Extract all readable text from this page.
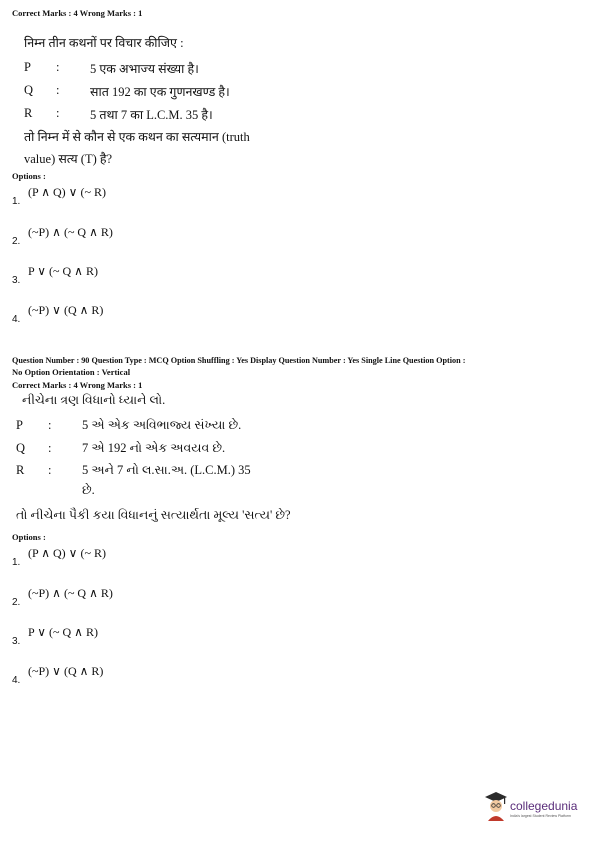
Correct Marks : 4 Wrong Marks : 1
निम्न तीन कथनों पर विचार कीजिए :
P	: 5 एक अभाज्य संख्या है।
Q	: सात 192 का एक गुणनखण्ड है।
R	: 5 तथा 7 का L.C.M. 35 है।
तो निम्न में से कौन से एक कथन का सत्यमान (truth
value) सत्य (T) है?
Options :
1.
(P ∧ Q) ∨ (~ R)
2.
(~P) ∧ (~ Q ∧ R)
3.
P ∨ (~ Q ∧ R)
4.
(~P) ∨ (Q ∧ R)
Question Number : 90 Question Type : MCQ Option Shuffling : Yes Display Question Number : Yes Single Line Question Option :
No Option Orientation : Vertical
Correct Marks : 4 Wrong Marks : 1
નીચેના ત્રણ વિધાનો ધ્યાને લો.
P	: 5 એ એક અવિભાજ્ય સંખ્યા છે.
Q	: 7 એ 192 નો એક અવયવ છે.
R	: 5 અને 7 નો લ.સા.અ. (L.C.M.) 35
છે.
તો નીચેના પૈકી કયા વિધાનનું સત્યાર્થતા મૂલ્ય 'સત્ય' છે?
Options :
1.
(P ∧ Q) ∨ (~ R)
2.
(~P) ∧ (~ Q ∧ R)
3.
P ∨ (~ Q ∧ R)
4.
(~P) ∨ (Q ∧ R)
collegedunia
India's largest Student Review Platform
